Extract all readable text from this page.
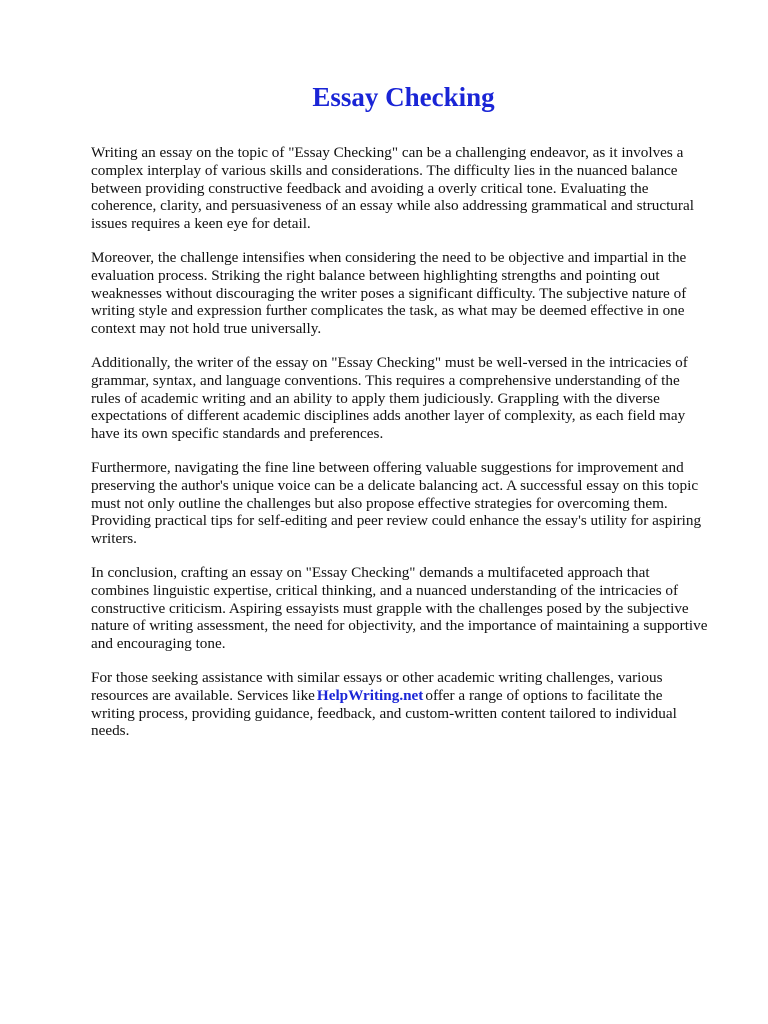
Essay Checking

Writing an essay on the topic of "Essay Checking" can be a challenging endeavor, as it involves a complex interplay of various skills and considerations. The difficulty lies in the nuanced balance between providing constructive feedback and avoiding a overly critical tone. Evaluating the coherence, clarity, and persuasiveness of an essay while also addressing grammatical and structural issues requires a keen eye for detail.

Moreover, the challenge intensifies when considering the need to be objective and impartial in the evaluation process. Striking the right balance between highlighting strengths and pointing out weaknesses without discouraging the writer poses a significant difficulty. The subjective nature of writing style and expression further complicates the task, as what may be deemed effective in one context may not hold true universally.

Additionally, the writer of the essay on "Essay Checking" must be well-versed in the intricacies of grammar, syntax, and language conventions. This requires a comprehensive understanding of the rules of academic writing and an ability to apply them judiciously. Grappling with the diverse expectations of different academic disciplines adds another layer of complexity, as each field may have its own specific standards and preferences.

Furthermore, navigating the fine line between offering valuable suggestions for improvement and preserving the author's unique voice can be a delicate balancing act. A successful essay on this topic must not only outline the challenges but also propose effective strategies for overcoming them. Providing practical tips for self-editing and peer review could enhance the essay's utility for aspiring writers.

In conclusion, crafting an essay on "Essay Checking" demands a multifaceted approach that combines linguistic expertise, critical thinking, and a nuanced understanding of the intricacies of constructive criticism. Aspiring essayists must grapple with the challenges posed by the subjective nature of writing assessment, the need for objectivity, and the importance of maintaining a supportive and encouraging tone.

For those seeking assistance with similar essays or other academic writing challenges, various resources are available. Services like HelpWriting.net offer a range of options to facilitate the writing process, providing guidance, feedback, and custom-written content tailored to individual needs.
